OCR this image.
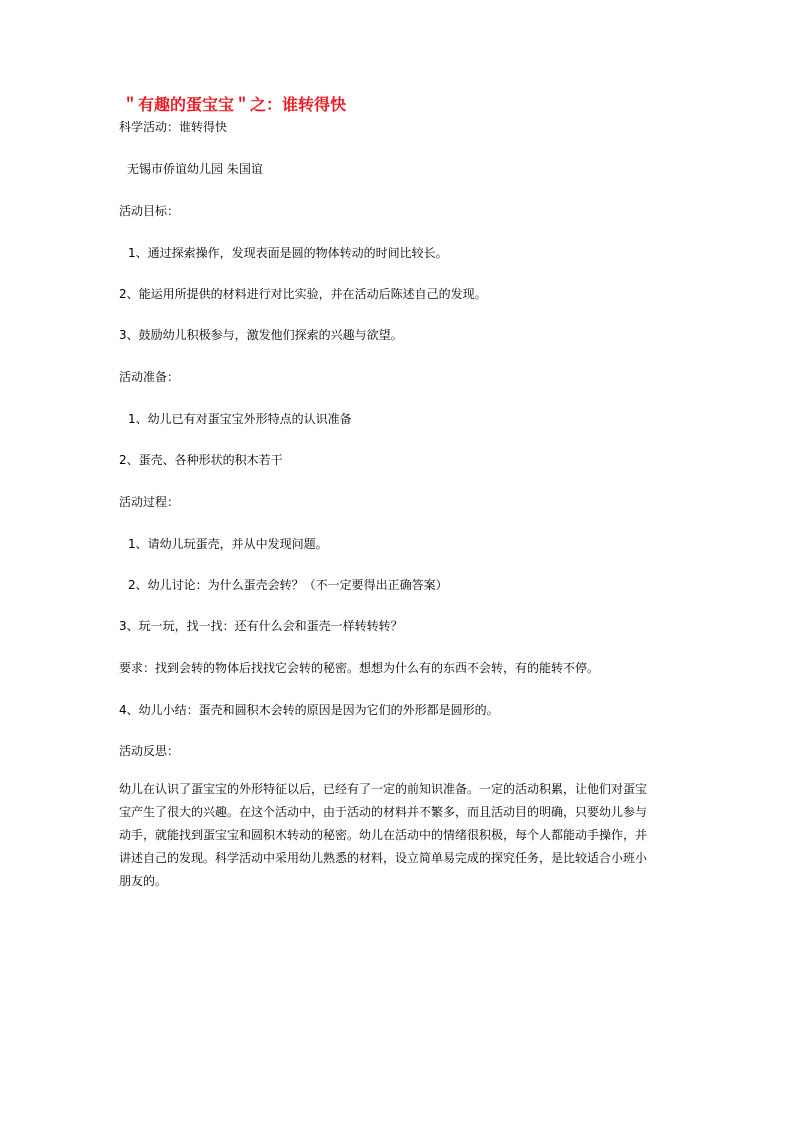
＂有趣的蛋宝宝＂之：谁转得快

科学活动：谁转得快

无锡市侨谊幼儿园 朱国谊

活动目标：

1、通过探索操作，发现表面是圆的物体转动的时间比较长。

2、能运用所提供的材料进行对比实验，并在活动后陈述自己的发现。

3、鼓励幼儿积极参与，激发他们探索的兴趣与欲望。

活动准备：

1、幼儿已有对蛋宝宝外形特点的认识准备

2、蛋壳、各种形状的积木若干

活动过程：

1、请幼儿玩蛋壳，并从中发现问题。

2、幼儿讨论：为什么蛋壳会转？（不一定要得出正确答案）

3、玩一玩，找一找：还有什么会和蛋壳一样转转转？

要求：找到会转的物体后找找它会转的秘密。想想为什么有的东西不会转，有的能转不停。

4、幼儿小结：蛋壳和圆积木会转的原因是因为它们的外形都是圆形的。

活动反思：

幼儿在认识了蛋宝宝的外形特征以后，已经有了一定的前知识准备。一定的活动积累，让他们对蛋宝宝产生了很大的兴趣。在这个活动中，由于活动的材料并不繁多，而且活动目的明确，只要幼儿参与动手，就能找到蛋宝宝和圆积木转动的秘密。幼儿在活动中的情绪很积极，每个人都能动手操作，并讲述自己的发现。科学活动中采用幼儿熟悉的材料，设立简单易完成的探究任务，是比较适合小班小朋友的。
